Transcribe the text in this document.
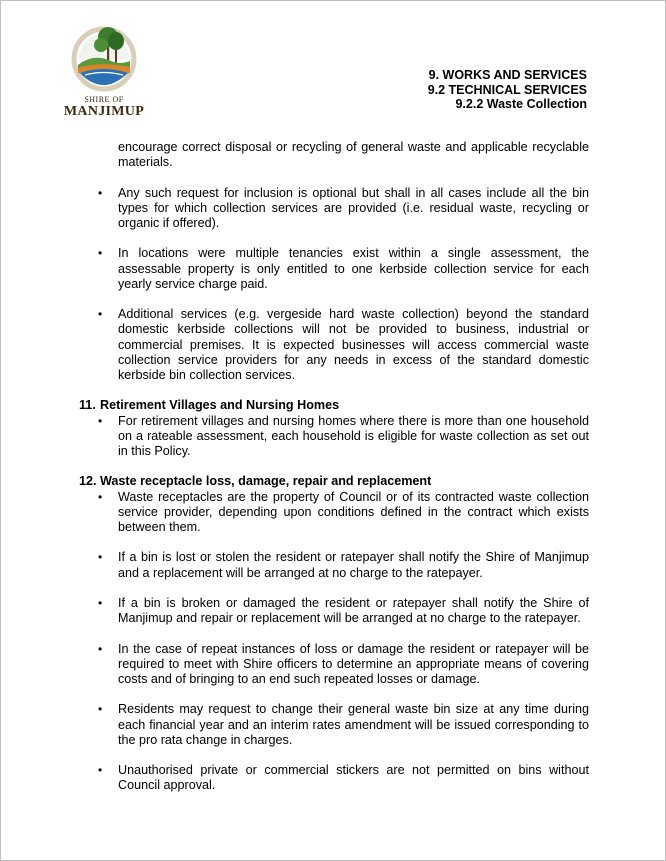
SHIRE OF
MANJIMUP
9. WORKS AND SERVICES
9.2 TECHNICAL SERVICES
9.2.2 Waste Collection

encourage correct disposal or recycling of general waste and applicable recyclable materials.

• Any such request for inclusion is optional but shall in all cases include all the bin types for which collection services are provided (i.e. residual waste, recycling or organic if offered).

• In locations were multiple tenancies exist within a single assessment, the assessable property is only entitled to one kerbside collection service for each yearly service charge paid.

• Additional services (e.g. vergeside hard waste collection) beyond the standard domestic kerbside collections will not be provided to business, industrial or commercial premises. It is expected businesses will access commercial waste collection service providers for any needs in excess of the standard domestic kerbside bin collection services.

11. Retirement Villages and Nursing Homes

• For retirement villages and nursing homes where there is more than one household on a rateable assessment, each household is eligible for waste collection as set out in this Policy.

12. Waste receptacle loss, damage, repair and replacement

• Waste receptacles are the property of Council or of its contracted waste collection service provider, depending upon conditions defined in the contract which exists between them.

• If a bin is lost or stolen the resident or ratepayer shall notify the Shire of Manjimup and a replacement will be arranged at no charge to the ratepayer.

• If a bin is broken or damaged the resident or ratepayer shall notify the Shire of Manjimup and repair or replacement will be arranged at no charge to the ratepayer.

• In the case of repeat instances of loss or damage the resident or ratepayer will be required to meet with Shire officers to determine an appropriate means of covering costs and of bringing to an end such repeated losses or damage.

• Residents may request to change their general waste bin size at any time during each financial year and an interim rates amendment will be issued corresponding to the pro rata change in charges.

• Unauthorised private or commercial stickers are not permitted on bins without Council approval.
